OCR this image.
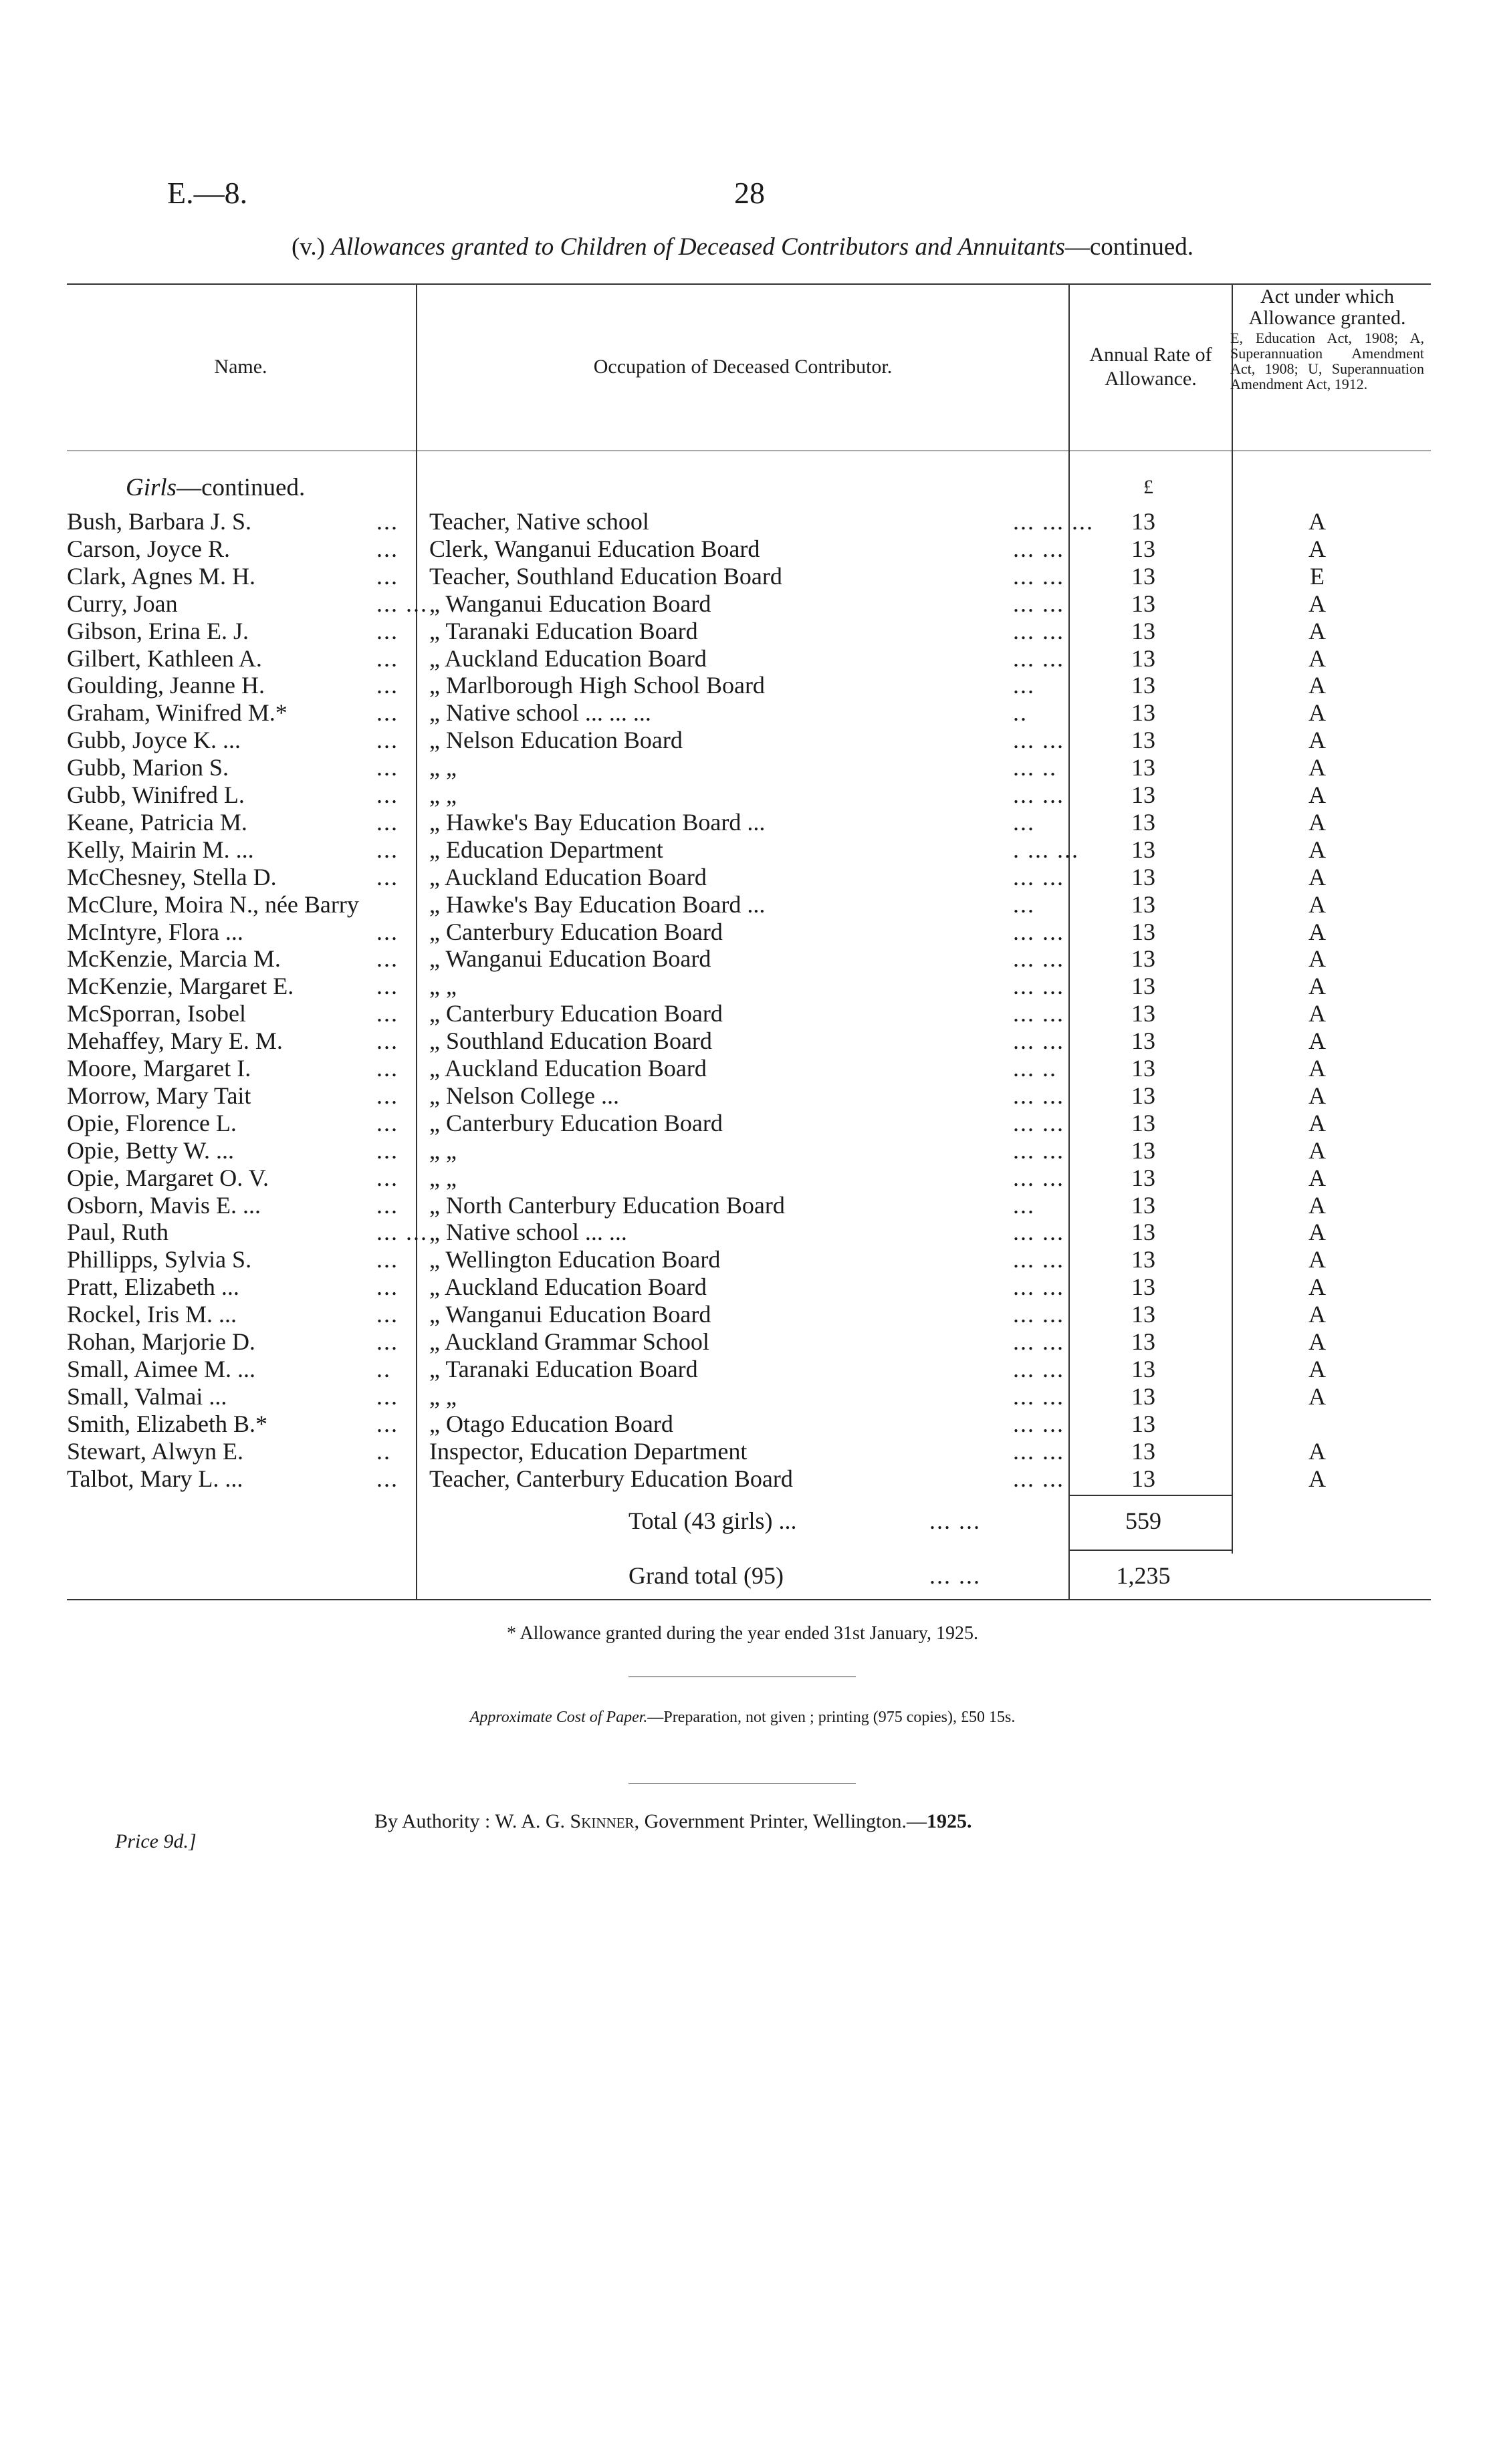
E.—8.	28
(v.) Allowances granted to Children of Deceased Contributors and Annuitants—continued.
Name.	Occupation of Deceased Contributor.
Annual Rate of Allowance.
Act under which Allowance granted.
E, Education Act, 1908; A, Superannuation Amendment Act, 1908; U, Superannuation Amendment Act, 1912.
Girls—continued.	£
Bush, Barbara J. S.	... Teacher, Native school	... ... ...	13	A
Carson, Joyce R.	... Clerk, Wanganui Education Board	... ...	13	A
Clark, Agnes M. H.	... Teacher, Southland Education Board	... ...	13	E
Curry, Joan	... ... „ Wanganui Education Board	... ...	13	A
Gibson, Erina E. J.	... „ Taranaki Education Board	... ...	13	A
Gilbert, Kathleen A.	... „ Auckland Education Board	... ...	13	A
Goulding, Jeanne H.	... „ Marlborough High School Board	...	13	A
Graham, Winifred M.*	... „ Native school ... ... ...	..	13	A
Gubb, Joyce K. ...	... „ Nelson Education Board	... ...	13	A
Gubb, Marion S.	... „ „	... ..	13	A
Gubb, Winifred L.	... „ „	... ...	13	A
Keane, Patricia M.	... „ Hawke's Bay Education Board ...	...	13	A
Kelly, Mairin M. ...	... „ Education Department	. ... ...	13	A
McChesney, Stella D.	... „ Auckland Education Board	... ...	13	A
McClure, Moira N., née Barry	„ Hawke's Bay Education Board ...	...	13	A
McIntyre, Flora ...	... „ Canterbury Education Board	... ...	13	A
McKenzie, Marcia M.	... „ Wanganui Education Board	... ...	13	A
McKenzie, Margaret E.	... „ „	... ...	13	A
McSporran, Isobel	... „ Canterbury Education Board	... ...	13	A
Mehaffey, Mary E. M.	... „ Southland Education Board	... ...	13	A
Moore, Margaret I.	... „ Auckland Education Board	... ..	13	A
Morrow, Mary Tait	... „ Nelson College ...	... ...	13	A
Opie, Florence L.	... „ Canterbury Education Board	... ...	13	A
Opie, Betty W. ...	... „ „	... ...	13	A
Opie, Margaret O. V.	... „ „	... ...	13	A
Osborn, Mavis E. ...	... „ North Canterbury Education Board	...	13	A
Paul, Ruth	... ... „ Native school ... ...	... ...	13	A
Phillipps, Sylvia S.	... „ Wellington Education Board	... ...	13	A
Pratt, Elizabeth ...	... „ Auckland Education Board	... ...	13	A
Rockel, Iris M. ...	... „ Wanganui Education Board	... ...	13	A
Rohan, Marjorie D.	... „ Auckland Grammar School	... ...	13	A
Small, Aimee M. ...	.. „ Taranaki Education Board	... ...	13	A
Small, Valmai ...	... „ „	... ...	13	A
Smith, Elizabeth B.*	... „ Otago Education Board	... ...	13
Stewart, Alwyn E.	.. Inspector, Education Department	... ...	13	A
Talbot, Mary L. ...	... Teacher, Canterbury Education Board	... ...	13	A
Total (43 girls) ...	... ...	559
Grand total (95)	... ...	1,235
* Allowance granted during the year ended 31st January, 1925.
Approximate Cost of Paper.—Preparation, not given ; printing (975 copies), £50 15s.
By Authority : W. A. G. Skinner, Government Printer, Wellington.—1925.
Price 9d.]
